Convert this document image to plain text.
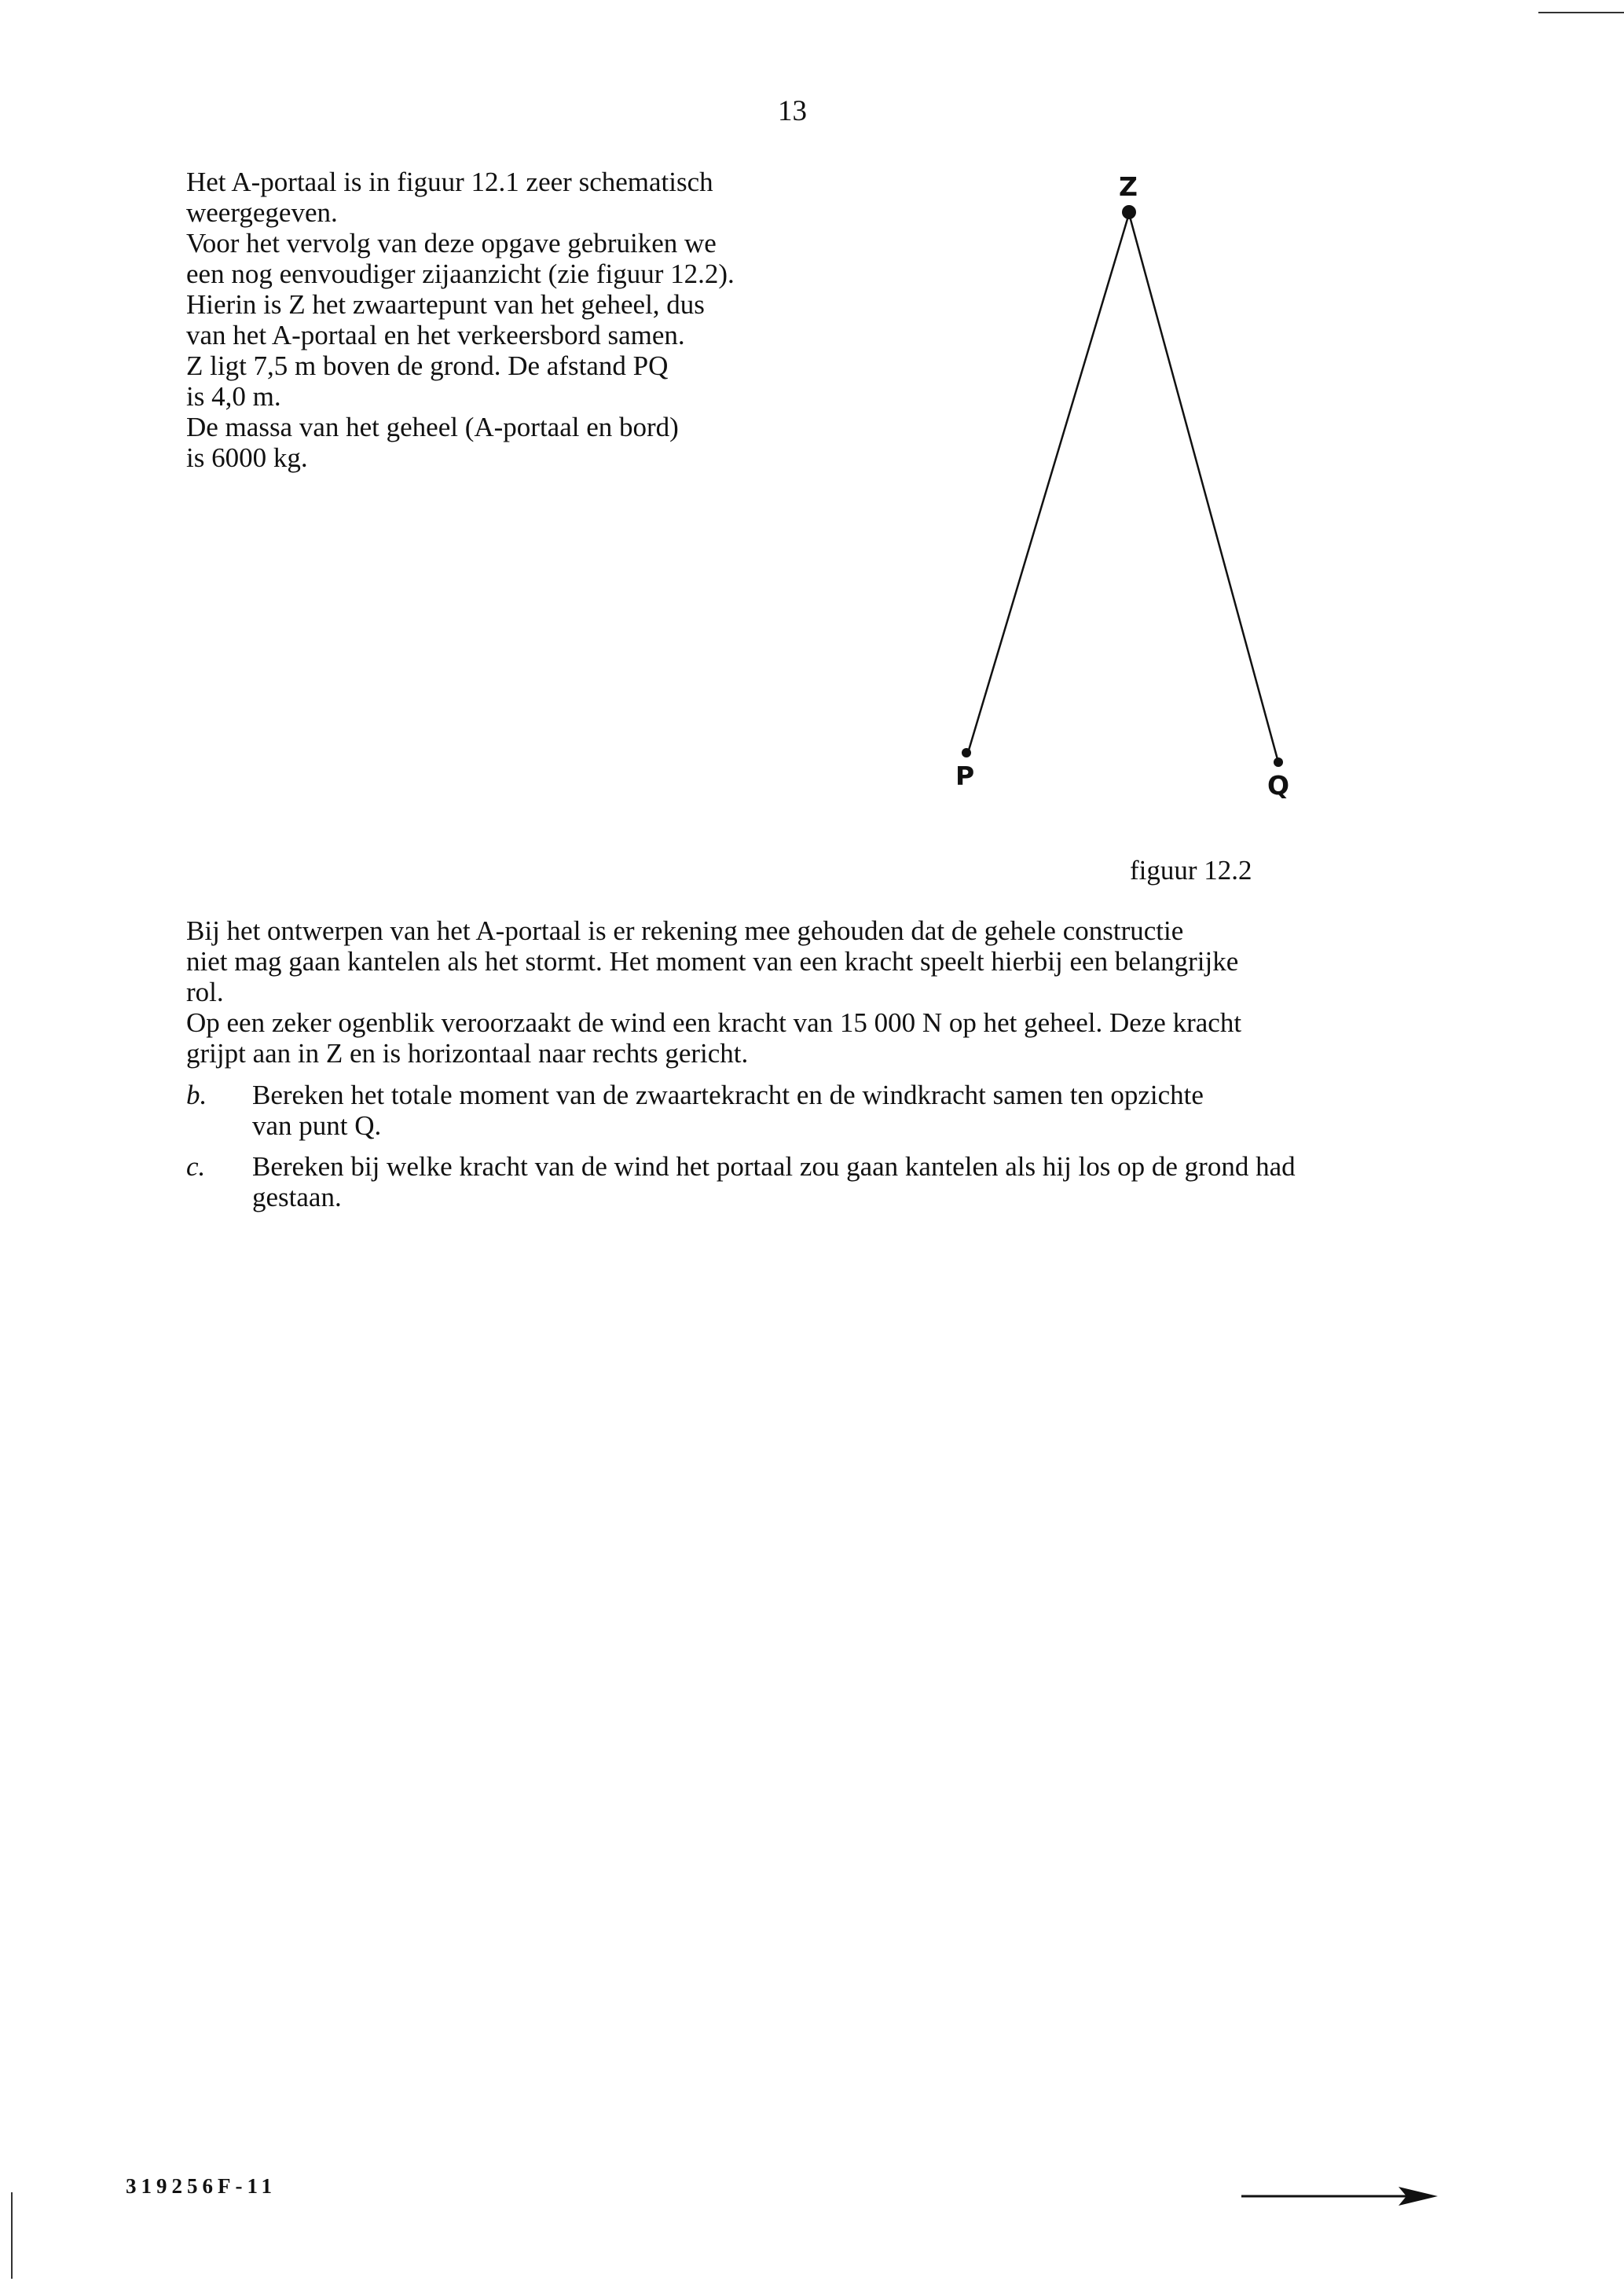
13
Het A-portaal is in figuur 12.1 zeer schematisch
weergegeven.
Voor het vervolg van deze opgave gebruiken we
een nog eenvoudiger zijaanzicht (zie figuur 12.2).
Hierin is Z het zwaartepunt van het geheel, dus
van het A-portaal en het verkeersbord samen.
Z ligt 7,5 m boven de grond. De afstand PQ
is 4,0 m.
De massa van het geheel (A-portaal en bord)
is 6000 kg.
Z
P	Q
figuur 12.2
Bij het ontwerpen van het A-portaal is er rekening mee gehouden dat de gehele constructie
niet mag gaan kantelen als het stormt. Het moment van een kracht speelt hierbij een belangrijke
rol.
Op een zeker ogenblik veroorzaakt de wind een kracht van 15 000 N op het geheel. Deze kracht
grijpt aan in Z en is horizontaal naar rechts gericht.
b. Bereken het totale moment van de zwaartekracht en de windkracht samen ten opzichte
van punt Q.
c. Bereken bij welke kracht van de wind het portaal zou gaan kantelen als hij los op de grond had
gestaan.
319256F-11
